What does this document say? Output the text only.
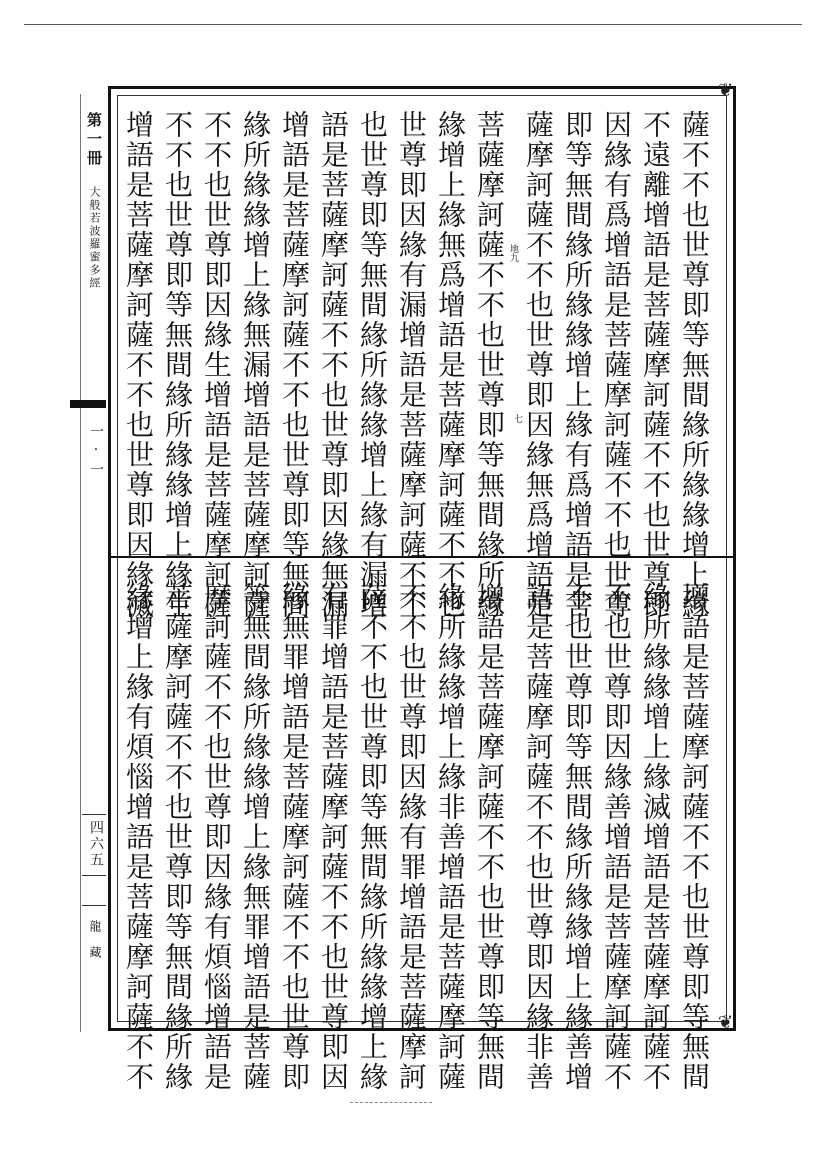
第一冊
大般若波羅蜜多經
一·一
四六五
龍藏
❦
❦
薩不不也世尊即等無間緣所緣緣增上緣
不遠離增語是菩薩摩訶薩不不也世尊即
因緣有爲增語是菩薩摩訶薩不不也世尊
即等無間緣所緣緣增上緣有爲增語是菩
薩摩訶薩不不也世尊即因緣無爲增語是
菩薩摩訶薩不不也世尊即等無間緣所緣
緣增上緣無爲增語是菩薩摩訶薩不不也
世尊即因緣有漏增語是菩薩摩訶薩不不
也世尊即等無間緣所緣緣增上緣有漏增
語是菩薩摩訶薩不不也世尊即因緣無漏
增語是菩薩摩訶薩不不也世尊即等無間
緣所緣緣增上緣無漏增語是菩薩摩訶薩
不不也世尊即因緣生增語是菩薩摩訶薩
不不也世尊即等無間緣所緣緣增上緣生
增語是菩薩摩訶薩不不也世尊即因緣滅	地九
七
增語是菩薩摩訶薩不不也世尊即等無間
緣所緣緣增上緣滅增語是菩薩摩訶薩不
不也世尊即因緣善增語是菩薩摩訶薩不
不也世尊即等無間緣所緣緣增上緣善增
語是菩薩摩訶薩不不也世尊即因緣非善
增語是菩薩摩訶薩不不也世尊即等無間
緣所緣緣增上緣非善增語是菩薩摩訶薩
不不也世尊即因緣有罪增語是菩薩摩訶
薩不不也世尊即等無間緣所緣緣增上緣
有罪增語是菩薩摩訶薩不不也世尊即因
緣無罪增語是菩薩摩訶薩不不也世尊即
等無間緣所緣緣增上緣無罪增語是菩薩
摩訶薩不不也世尊即因緣有煩惱增語是
菩薩摩訶薩不不也世尊即等無間緣所緣
緣增上緣有煩惱增語是菩薩摩訶薩不不
